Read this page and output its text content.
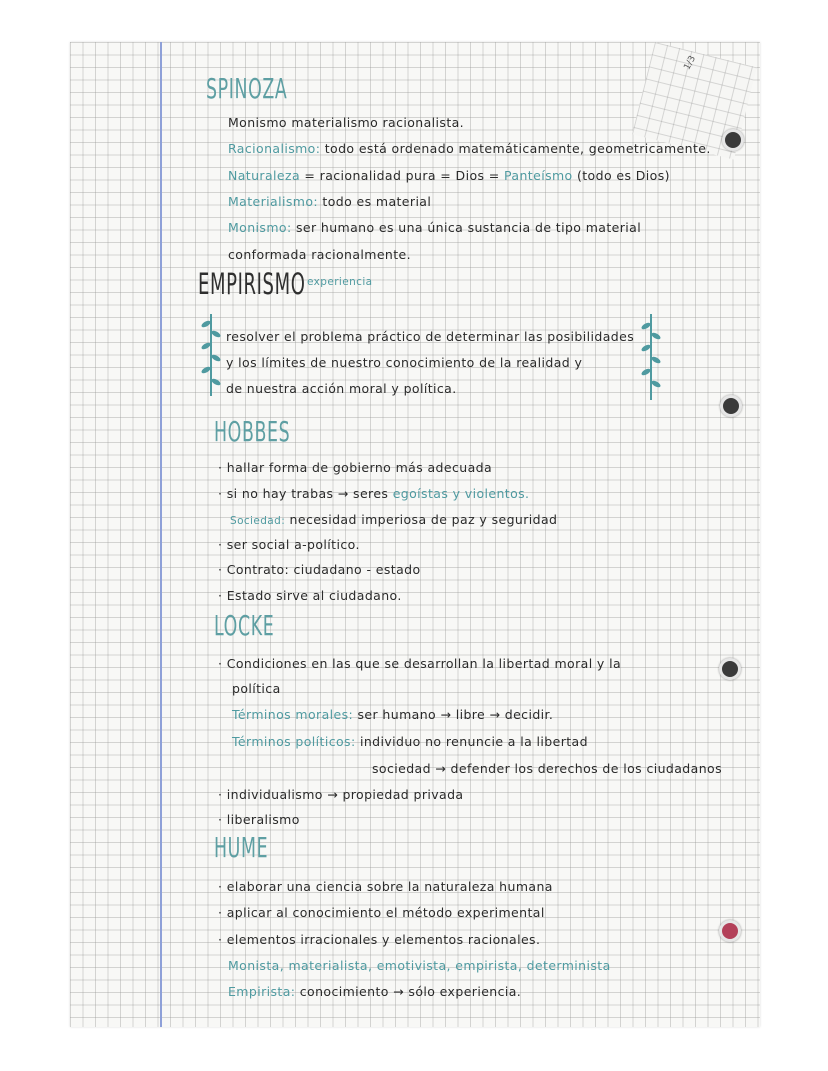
1/3
SPINOZA
Monismo materialismo racionalista.
Racionalismo: todo está ordenado matemáticamente, geometricamente.
Naturaleza = racionalidad pura = Dios = Panteísmo (todo es Dios)
Materialismo: todo es material
Monismo: ser humano es una única sustancia de tipo material
conformada racionalmente.
EMPIRISMO experiencia
resolver el problema práctico de determinar las posibilidades
y los límites de nuestro conocimiento de la realidad y
de nuestra acción moral y política.
HOBBES
· hallar forma de gobierno más adecuada
· si no hay trabas → seres egoístas y violentos.
Sociedad: necesidad imperiosa de paz y seguridad
· ser social a-político.
· Contrato: ciudadano - estado
· Estado sirve al ciudadano.
LOCKE
· Condiciones en las que se desarrollan la libertad moral y la
política
Términos morales: ser humano → libre → decidir.
Términos políticos: individuo no renuncie a la libertad
sociedad → defender los derechos de los ciudadanos
· individualismo → propiedad privada
· liberalismo
HUME
· elaborar una ciencia sobre la naturaleza humana
· aplicar al conocimiento el método experimental
· elementos irracionales y elementos racionales.
Monista, materialista, emotivista, empirista, determinista
Empirista: conocimiento → sólo experiencia.
